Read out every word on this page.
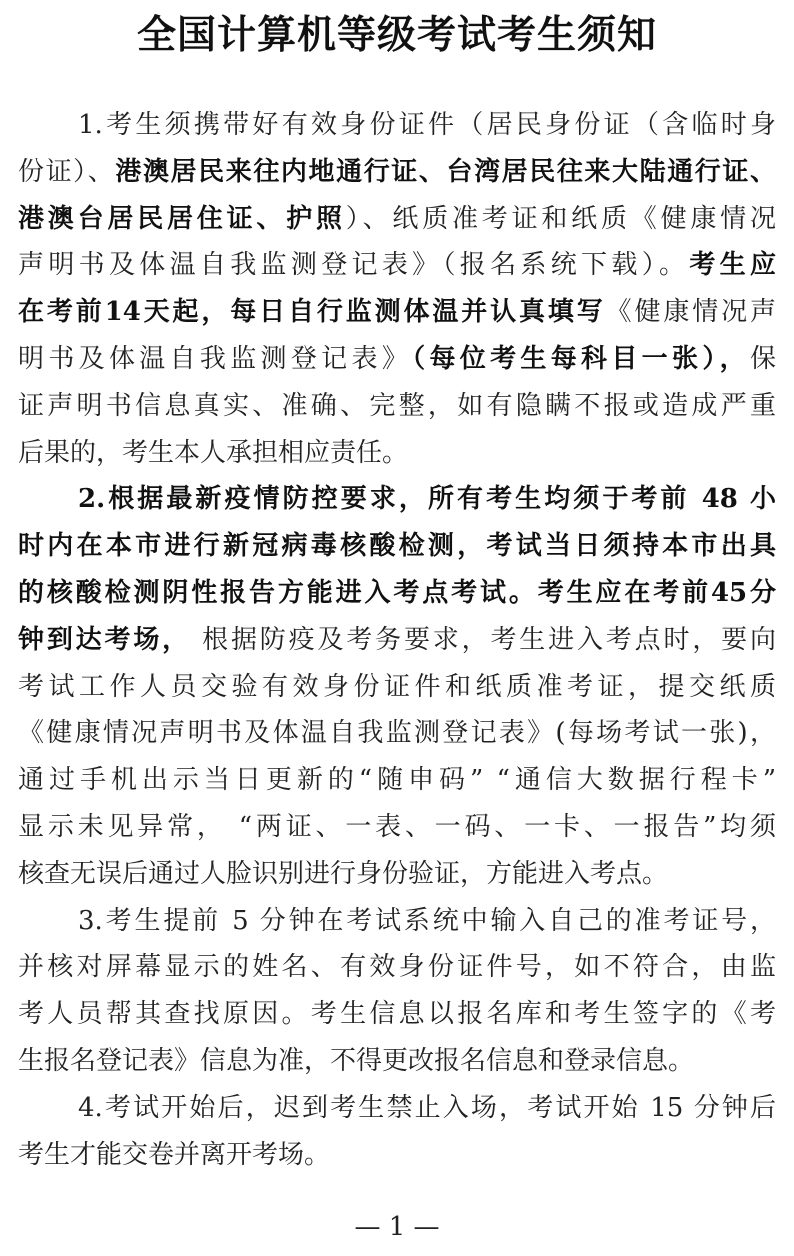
全国计算机等级考试考生须知
1.考生须携带好有效身份证件（居民身份证（含临时身
份证）、港澳居民来往内地通行证、台湾居民往来大陆通行证、
港澳台居民居住证、护照）、纸质准考证和纸质《健康情况
声明书及体温自我监测登记表》（报名系统下载）。考生应
在考前14天起，每日自行监测体温并认真填写《健康情况声
明书及体温自我监测登记表》（每位考生每科目一张），保
证声明书信息真实、准确、完整，如有隐瞒不报或造成严重
后果的，考生本人承担相应责任。
2.根据最新疫情防控要求，所有考生均须于考前 48 小
时内在本市进行新冠病毒核酸检测，考试当日须持本市出具
的核酸检测阴性报告方能进入考点考试。考生应在考前45分
钟到达考场， 根据防疫及考务要求，考生进入考点时，要向
考试工作人员交验有效身份证件和纸质准考证，提交纸质
《健康情况声明书及体温自我监测登记表》(每场考试一张)，
通过手机出示当日更新的“随申码” “通信大数据行程卡”
显示未见异常， “两证、一表、一码、一卡、一报告”均须
核查无误后通过人脸识别进行身份验证，方能进入考点。
3.考生提前 5 分钟在考试系统中输入自己的准考证号，
并核对屏幕显示的姓名、有效身份证件号，如不符合，由监
考人员帮其查找原因。考生信息以报名库和考生签字的《考
生报名登记表》信息为准，不得更改报名信息和登录信息。
4.考试开始后，迟到考生禁止入场，考试开始 15 分钟后
考生才能交卷并离开考场。
— 1 —
